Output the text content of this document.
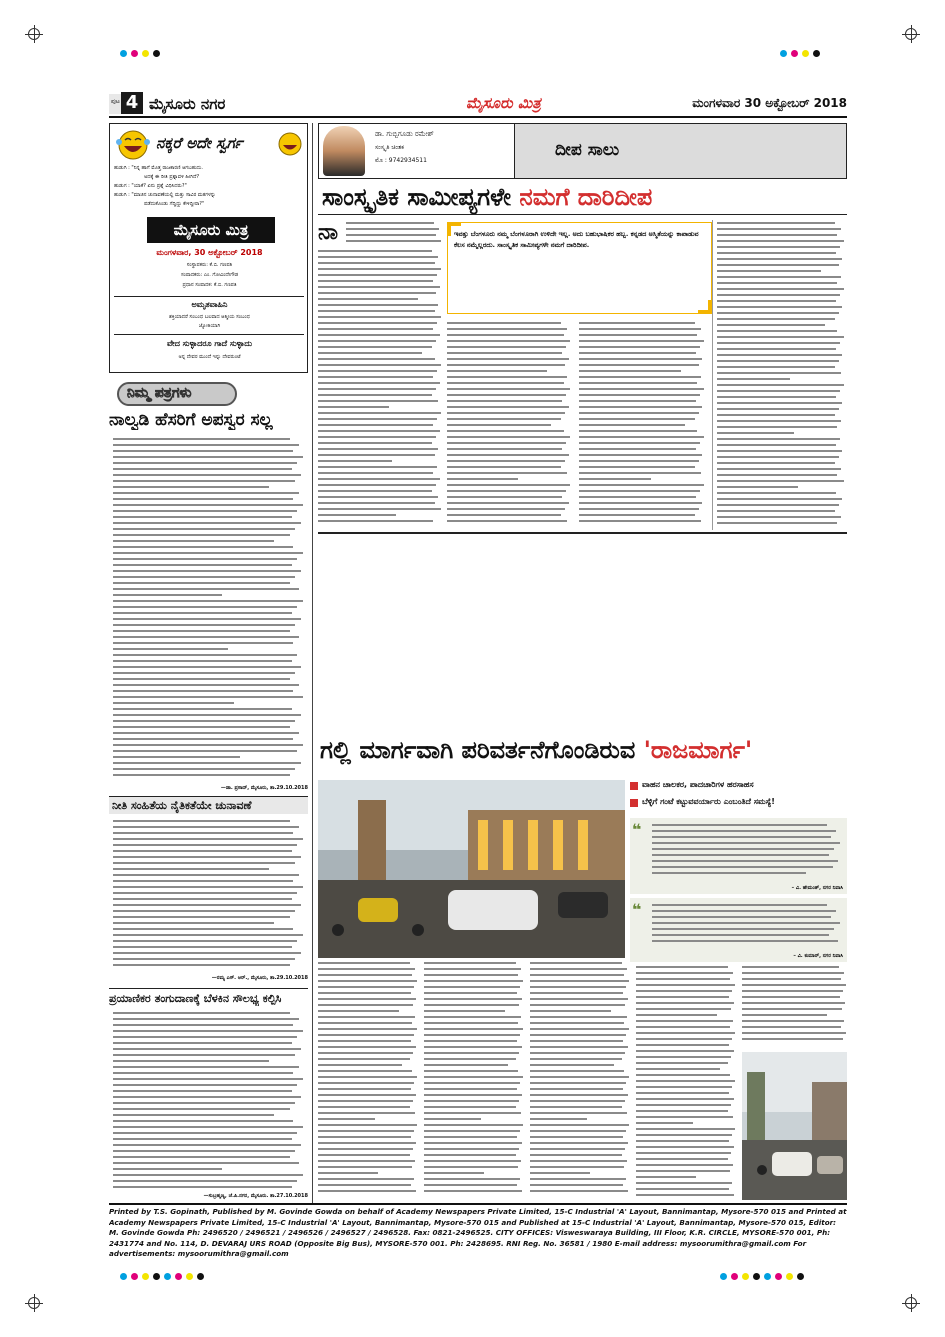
ಪುಟ 4 ಮೈಸೂರು ನಗರ	ಮೈಸೂರು ಮಿತ್ರ	ಮಂಗಳವಾರ 30 ಅಕ್ಟೋಬರ್ 2018
ನಕ್ಕರೆ ಅದೇ ಸ್ವರ್ಗ
ಹುಡುಗಿ : "ನಿನ್ನ ಹಾಗೆ ಮೊತ್ತ ರಾಜಕಾರಣಿ ಆಗಬಹುದು.
ಅದಕ್ಕೆ ಈ ರೀತಿ ಪ್ರಶ್ನಾವಳಿ ಹೀಗಿದೆ?
ಹುಡುಗ : "ಯಾಕೆ? ಏನು ಪ್ರಶ್ನೆ ವಿಧಿಸಿದರು?"
ಹುಡುಗಿ : "ಮಾಜಿನ ಚುನಾವಣೆಯಲ್ಲಿ ಮತ್ತು ಸಾವಿರ ಮತಗಳನ್ನು
ಪಡೆದುಕೊಂಡು ಗೆದ್ದಿದ್ದು ಕೇಳಿದ್ದೀರಾ?"
ಮೈಸೂರು ಮಿತ್ರ
ಮಂಗಳವಾರ, 30 ಅಕ್ಟೋಬರ್ 2018
ಸಂಸ್ಥಾಪಕರು: ಕೆ.ಬಿ. ಗಣಪತಿ
ಸಂಪಾದಕರು: ಎಂ. ಗೋವಿಂದೇಗೌಡ
ಪ್ರಧಾನ ಸಂಪಾದಕ: ಕೆ.ಬಿ. ಗಣಪತಿ
ಅಮೃತವಾಹಿನಿ
ಶಕ್ತಿಯಾದರೆ ಸಂಬಂಧ ಬಲವಾದ ಆತ್ಮೀಯ ಸಂಬಂಧ
ಜ್ಯೋತಿಯಾಗಿ
ವೇದ ಸುಳ್ಳಾದರೂ ಗಾದೆ ಸುಳ್ಳಾದು
ಅನ್ನ ದೇವರ ಮುಂದೆ ಇನ್ನು ದೇವರುಂಟೆ
ನಿಮ್ಮ ಪತ್ರಗಳು
ನಾಲ್ವಡಿ ಹೆಸರಿಗೆ ಅಪಸ್ವರ ಸಲ್ಲ
—ಡಾ. ಪ್ರಸಾದ್, ಮೈಸೂರು, ತಾ.29.10.2018
ನೀತಿ ಸಂಹಿತೆಯ ನೈತಿಕತೆಯೇ ಚುನಾವಣೆ
—ರಮ್ಯ ಎಸ್. ಆರ್., ಮೈಸೂರು, ತಾ.29.10.2018
ಪ್ರಯಾಣಿಕರ ತಂಗುದಾಣಕ್ಕೆ ಬೆಳಕಿನ ಸೌಲಭ್ಯ ಕಲ್ಪಿಸಿ
—ಸುಬ್ರಹ್ಮಣ್ಯ, ಜೆ.ಪಿ.ನಗರ, ಮೈಸೂರು. ತಾ.27.10.2018
ಡಾ. ಗುಬ್ಬಿಗೂಡು ರಮೇಶ್
ಸಂಸ್ಕೃತಿ ಚಿಂತಕ
ಮೊ : 9742934511
ದೀಪ ಸಾಲು
ಸಾಂಸ್ಕೃತಿಕ ಸಾಮೀಪ್ಯಗಳೇ ನಮಗೆ ದಾರಿದೀಪ
ನಾ	ಇವತ್ತು ಬೆಂಗಳೂರು ನಮ್ಮ ಬೆಂಗಳೂರಾಗಿ ಉಳಿದೇ ಇಲ್ಲ. ಅದು ಬಹುಭಾಷಿಕರ ಹಬ್ಬ. ಕನ್ನಡದ ಅಸ್ಮಿತೆಯನ್ನು ಕಾಪಾಡುವ ಕೆಲಸ ನಮ್ಮೆಲ್ಲರದು. ಸಾಂಸ್ಕೃತಿಕ ಸಾಮೀಪ್ಯಗಳೇ ನಮಗೆ ದಾರಿದೀಪ.
ಗಲ್ಲಿ ಮಾರ್ಗವಾಗಿ ಪರಿವರ್ತನೆಗೊಂಡಿರುವ 'ರಾಜಮಾರ್ಗ'
ವಾಹನ ಚಾಲಕರ, ಪಾದಚಾರಿಗಳ ಹರಸಾಹಸ
ಬೆಳ್ಳಿಗೆ ಗಂಟೆ ಕಟ್ಟುವವರ್ಯಾರು ಎಂಬಂತಿದೆ ಸಮಸ್ಯೆ!
❝
– ವಿ. ಹೇಮಂತ್, ನಗರ ನಿವಾಸಿ
❝
– ವಿ. ಕುಮಾರ್, ನಗರ ನಿವಾಸಿ
Printed by T.S. Gopinath, Published by M. Govinde Gowda on behalf of Academy Newspapers Private Limited, 15-C Industrial 'A' Layout, Bannimantap, Mysore-570 015 and Printed at Academy Newspapers Private Limited, 15-C Industrial 'A' Layout, Bannimantap, Mysore-570 015 and Published at 15-C Industrial 'A' Layout, Bannimantap, Mysore-570 015, Editor: M. Govinde Gowda Ph: 2496520 / 2496521 / 2496526 / 2496527 / 2496528. Fax: 0821-2496525. CITY OFFICES: Visweswaraya Building, III Floor, K.R. CIRCLE, MYSORE-570 001, Ph: 2431774 and No. 114, D. DEVARAJ URS ROAD (Opposite Big Bus), MYSORE-570 001. Ph: 2428695. RNI Reg. No. 36581 / 1980 E-mail address: mysoorumithra@gmail.com For advertisements: mysoorumithra@gmail.com
